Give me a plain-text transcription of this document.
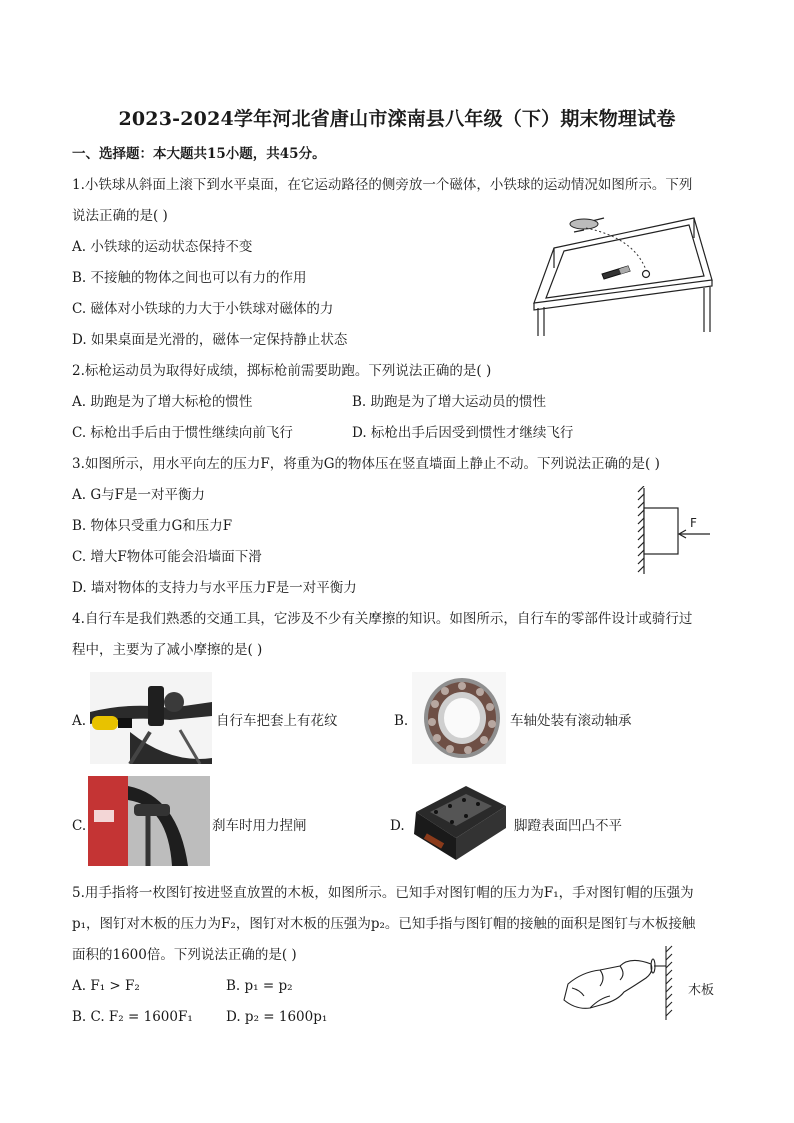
2023-2024学年河北省唐山市滦南县八年级（下）期末物理试卷
一、选择题：本大题共15小题，共45分。
1.小铁球从斜面上滚下到水平桌面，在它运动路径的侧旁放一个磁体，小铁球的运动情况如图所示。下列
说法正确的是( )
A. 小铁球的运动状态保持不变
B. 不接触的物体之间也可以有力的作用
C. 磁体对小铁球的力大于小铁球对磁体的力
D. 如果桌面是光滑的，磁体一定保持静止状态
2.标枪运动员为取得好成绩，掷标枪前需要助跑。下列说法正确的是( )
A. 助跑是为了增大标枪的惯性	B. 助跑是为了增大运动员的惯性
C. 标枪出手后由于惯性继续向前飞行	D. 标枪出手后因受到惯性才继续飞行
3.如图所示，用水平向左的压力F，将重为G的物体压在竖直墙面上静止不动。下列说法正确的是( )
A. G与F是一对平衡力
B. 物体只受重力G和压力F
C. 增大F物体可能会沿墙面下滑
D. 墙对物体的支持力与水平压力F是一对平衡力
F
4.自行车是我们熟悉的交通工具，它涉及不少有关摩擦的知识。如图所示，自行车的零部件设计或骑行过
程中，主要为了减小摩擦的是( )
A.	自行车把套上有花纹	B.	车轴处装有滚动轴承
C.	刹车时用力捏闸	D.	脚蹬表面凹凸不平
5.用手指将一枚图钉按进竖直放置的木板，如图所示。已知手对图钉帽的压力为F₁，手对图钉帽的压强为
p₁，图钉对木板的压力为F₂，图钉对木板的压强为p₂。已知手指与图钉帽的接触的面积是图钉与木板接触
面积的1600倍。下列说法正确的是( )
A. F₁ > F₂	B. p₁ = p₂
B. C. F₂ = 1600F₁ D. p₂ = 1600p₁
木板
